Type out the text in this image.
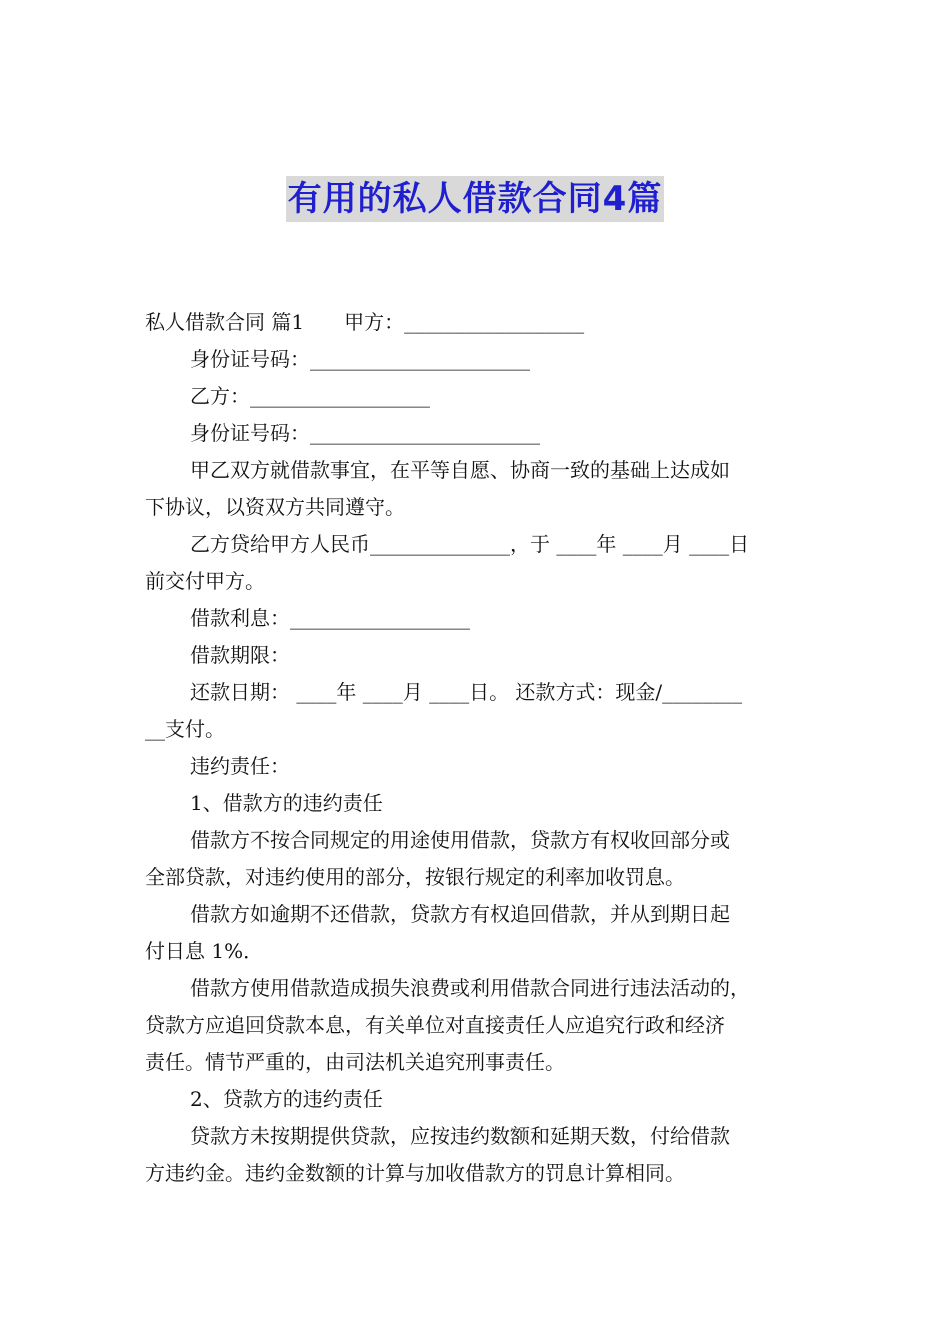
有用的私人借款合同4篇
私人借款合同 篇1　　甲方：__________________
身份证号码：______________________
乙方：__________________
身份证号码：_______________________
甲乙双方就借款事宜，在平等自愿、协商一致的基础上达成如
下协议，以资双方共同遵守。
乙方贷给甲方人民币______________，于 ____年 ____月 ____日
前交付甲方。
借款利息：__________________
借款期限：
还款日期： ____年 ____月 ____日。 还款方式：现金/________
__支付。
违约责任：
1、借款方的违约责任
借款方不按合同规定的用途使用借款，贷款方有权收回部分或
全部贷款，对违约使用的部分，按银行规定的利率加收罚息。
借款方如逾期不还借款，贷款方有权追回借款，并从到期日起
付日息 1%．
借款方使用借款造成损失浪费或利用借款合同进行违法活动的，
贷款方应追回贷款本息，有关单位对直接责任人应追究行政和经济
责任。情节严重的，由司法机关追究刑事责任。
2、贷款方的违约责任
贷款方未按期提供贷款，应按违约数额和延期天数，付给借款
方违约金。违约金数额的计算与加收借款方的罚息计算相同。
